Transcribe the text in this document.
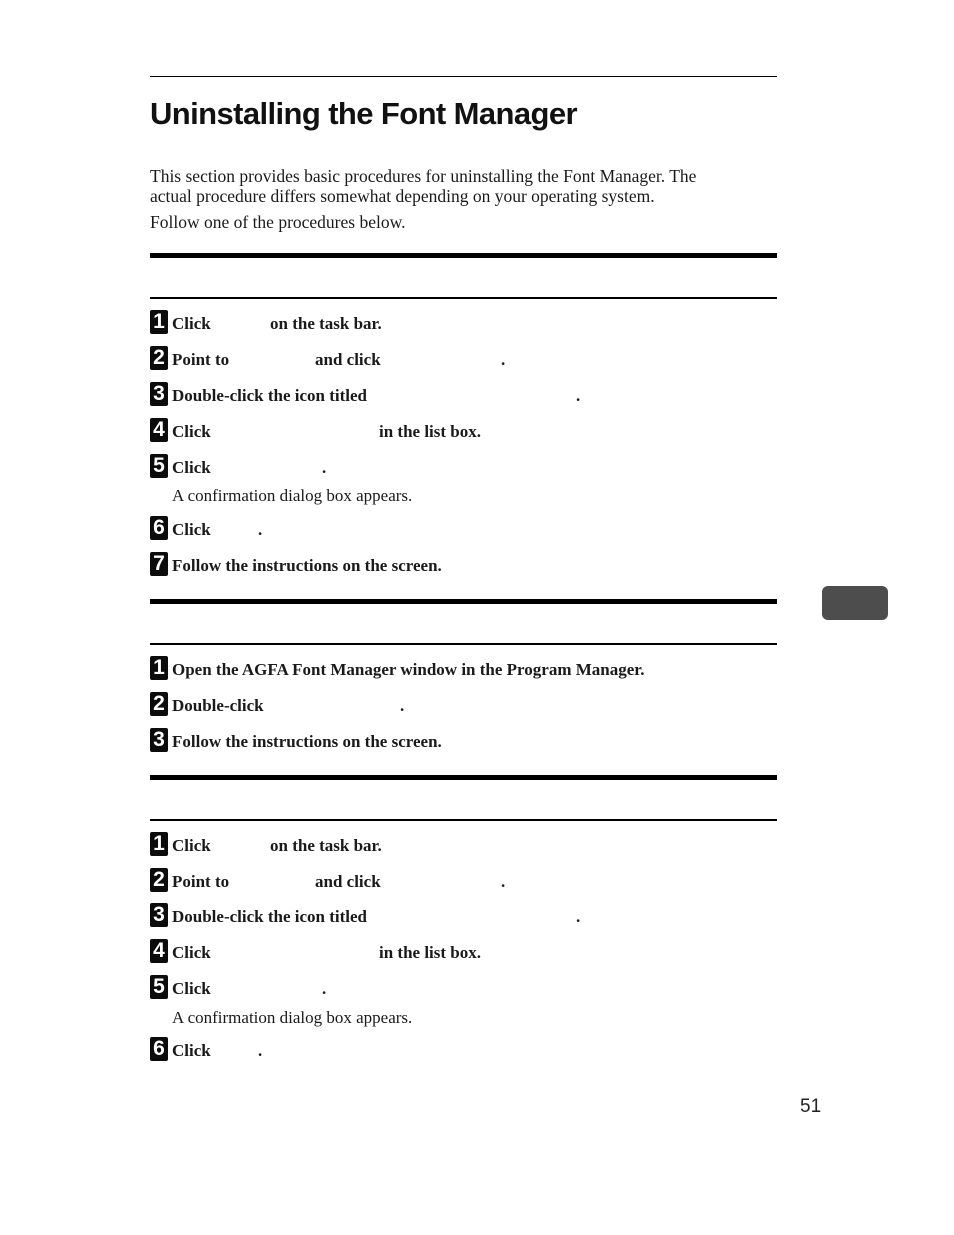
Uninstalling the Font Manager
This section provides basic procedures for uninstalling the Font Manager. The
actual procedure differs somewhat depending on your operating system.
Follow one of the procedures below.
1 Click	on the task bar.
2 Point to	and click	.
3 Double-click the icon titled	.
4 Click	in the list box.
5 Click	.
A confirmation dialog box appears.
6 Click	.
7 Follow the instructions on the screen.
1 Open the AGFA Font Manager window in the Program Manager.
2 Double-click	.
3 Follow the instructions on the screen.
1 Click	on the task bar.
2 Point to	and click	.
3 Double-click the icon titled	.
4 Click	in the list box.
5 Click	.
A confirmation dialog box appears.
6 Click	.
51
